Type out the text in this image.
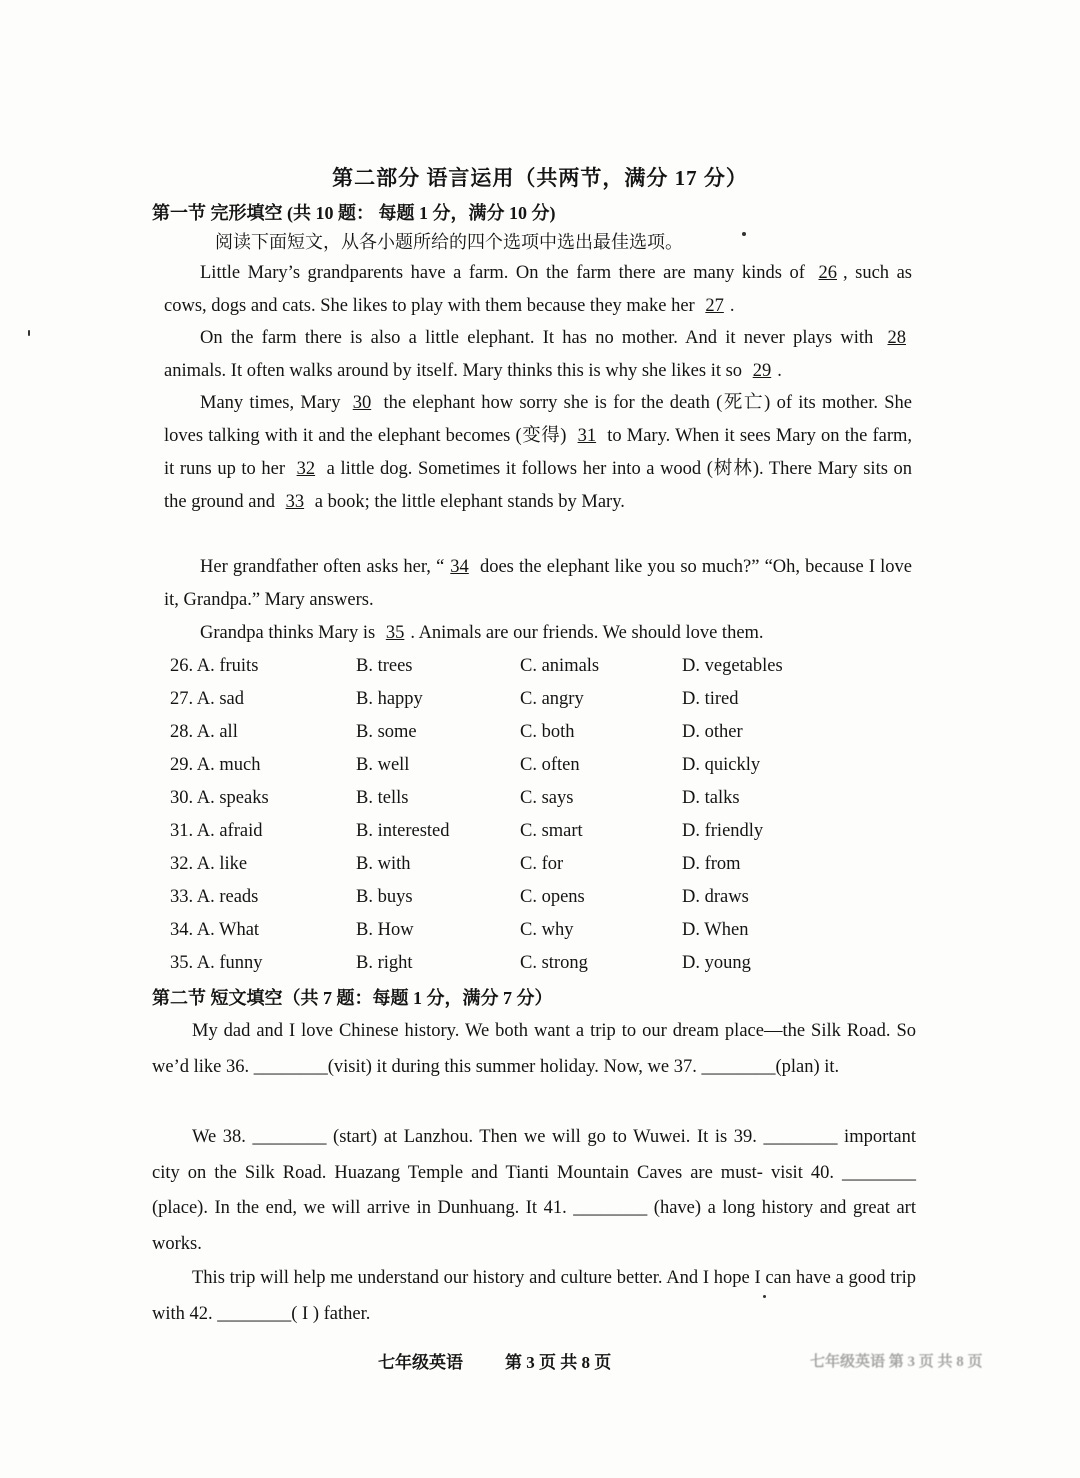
第二部分 语言运用（共两节，满分 17 分）
第一节 完形填空 (共 10 题： 每题 1 分，满分 10 分)
阅读下面短文，从各小题所给的四个选项中选出最佳选项。
Little Mary’s grandparents have a farm. On the farm there are many kinds of 26 , such as cows, dogs and cats. She likes to play with them because they make her 27 .
On the farm there is also a little elephant. It has no mother. And it never plays with 28 animals. It often walks around by itself. Mary thinks this is why she likes it so 29 .
Many times, Mary 30 the elephant how sorry she is for the death (死亡) of its mother. She loves talking with it and the elephant becomes (变得) 31 to Mary. When it sees Mary on the farm, it runs up to her 32 a little dog. Sometimes it follows her into a wood (树林). There Mary sits on the ground and 33 a book; the little elephant stands by Mary.
Her grandfather often asks her, “ 34 does the elephant like you so much?” “Oh, because I love it, Grandpa.” Mary answers.
Grandpa thinks Mary is 35 . Animals are our friends. We should love them.
26. A. fruits	B. trees	C. animals	D. vegetables
27. A. sad	B. happy	C. angry	D. tired
28. A. all	B. some	C. both	D. other
29. A. much	B. well	C. often	D. quickly
30. A. speaks	B. tells	C. says	D. talks
31. A. afraid	B. interested	C. smart	D. friendly
32. A. like	B. with	C. for	D. from
33. A. reads	B. buys	C. opens	D. draws
34. A. What	B. How	C. why	D. When
35. A. funny	B. right	C. strong	D. young
第二节 短文填空（共 7 题：每题 1 分，满分 7 分）
My dad and I love Chinese history. We both want a trip to our dream place—the Silk Road. So we’d like 36. ________(visit) it during this summer holiday. Now, we 37. ________(plan) it.
We 38. ________ (start) at Lanzhou. Then we will go to Wuwei. It is 39. ________ important city on the Silk Road. Huazang Temple and Tianti Mountain Caves are must- visit 40. ________ (place). In the end, we will arrive in Dunhuang. It 41. ________ (have) a long history and great art works.
This trip will help me understand our history and culture better. And I hope I can have a good trip with 42. ________( I ) father.
七年级英语 第 3 页 共 8 页	七年级英语 第 3 页 共 8 页
